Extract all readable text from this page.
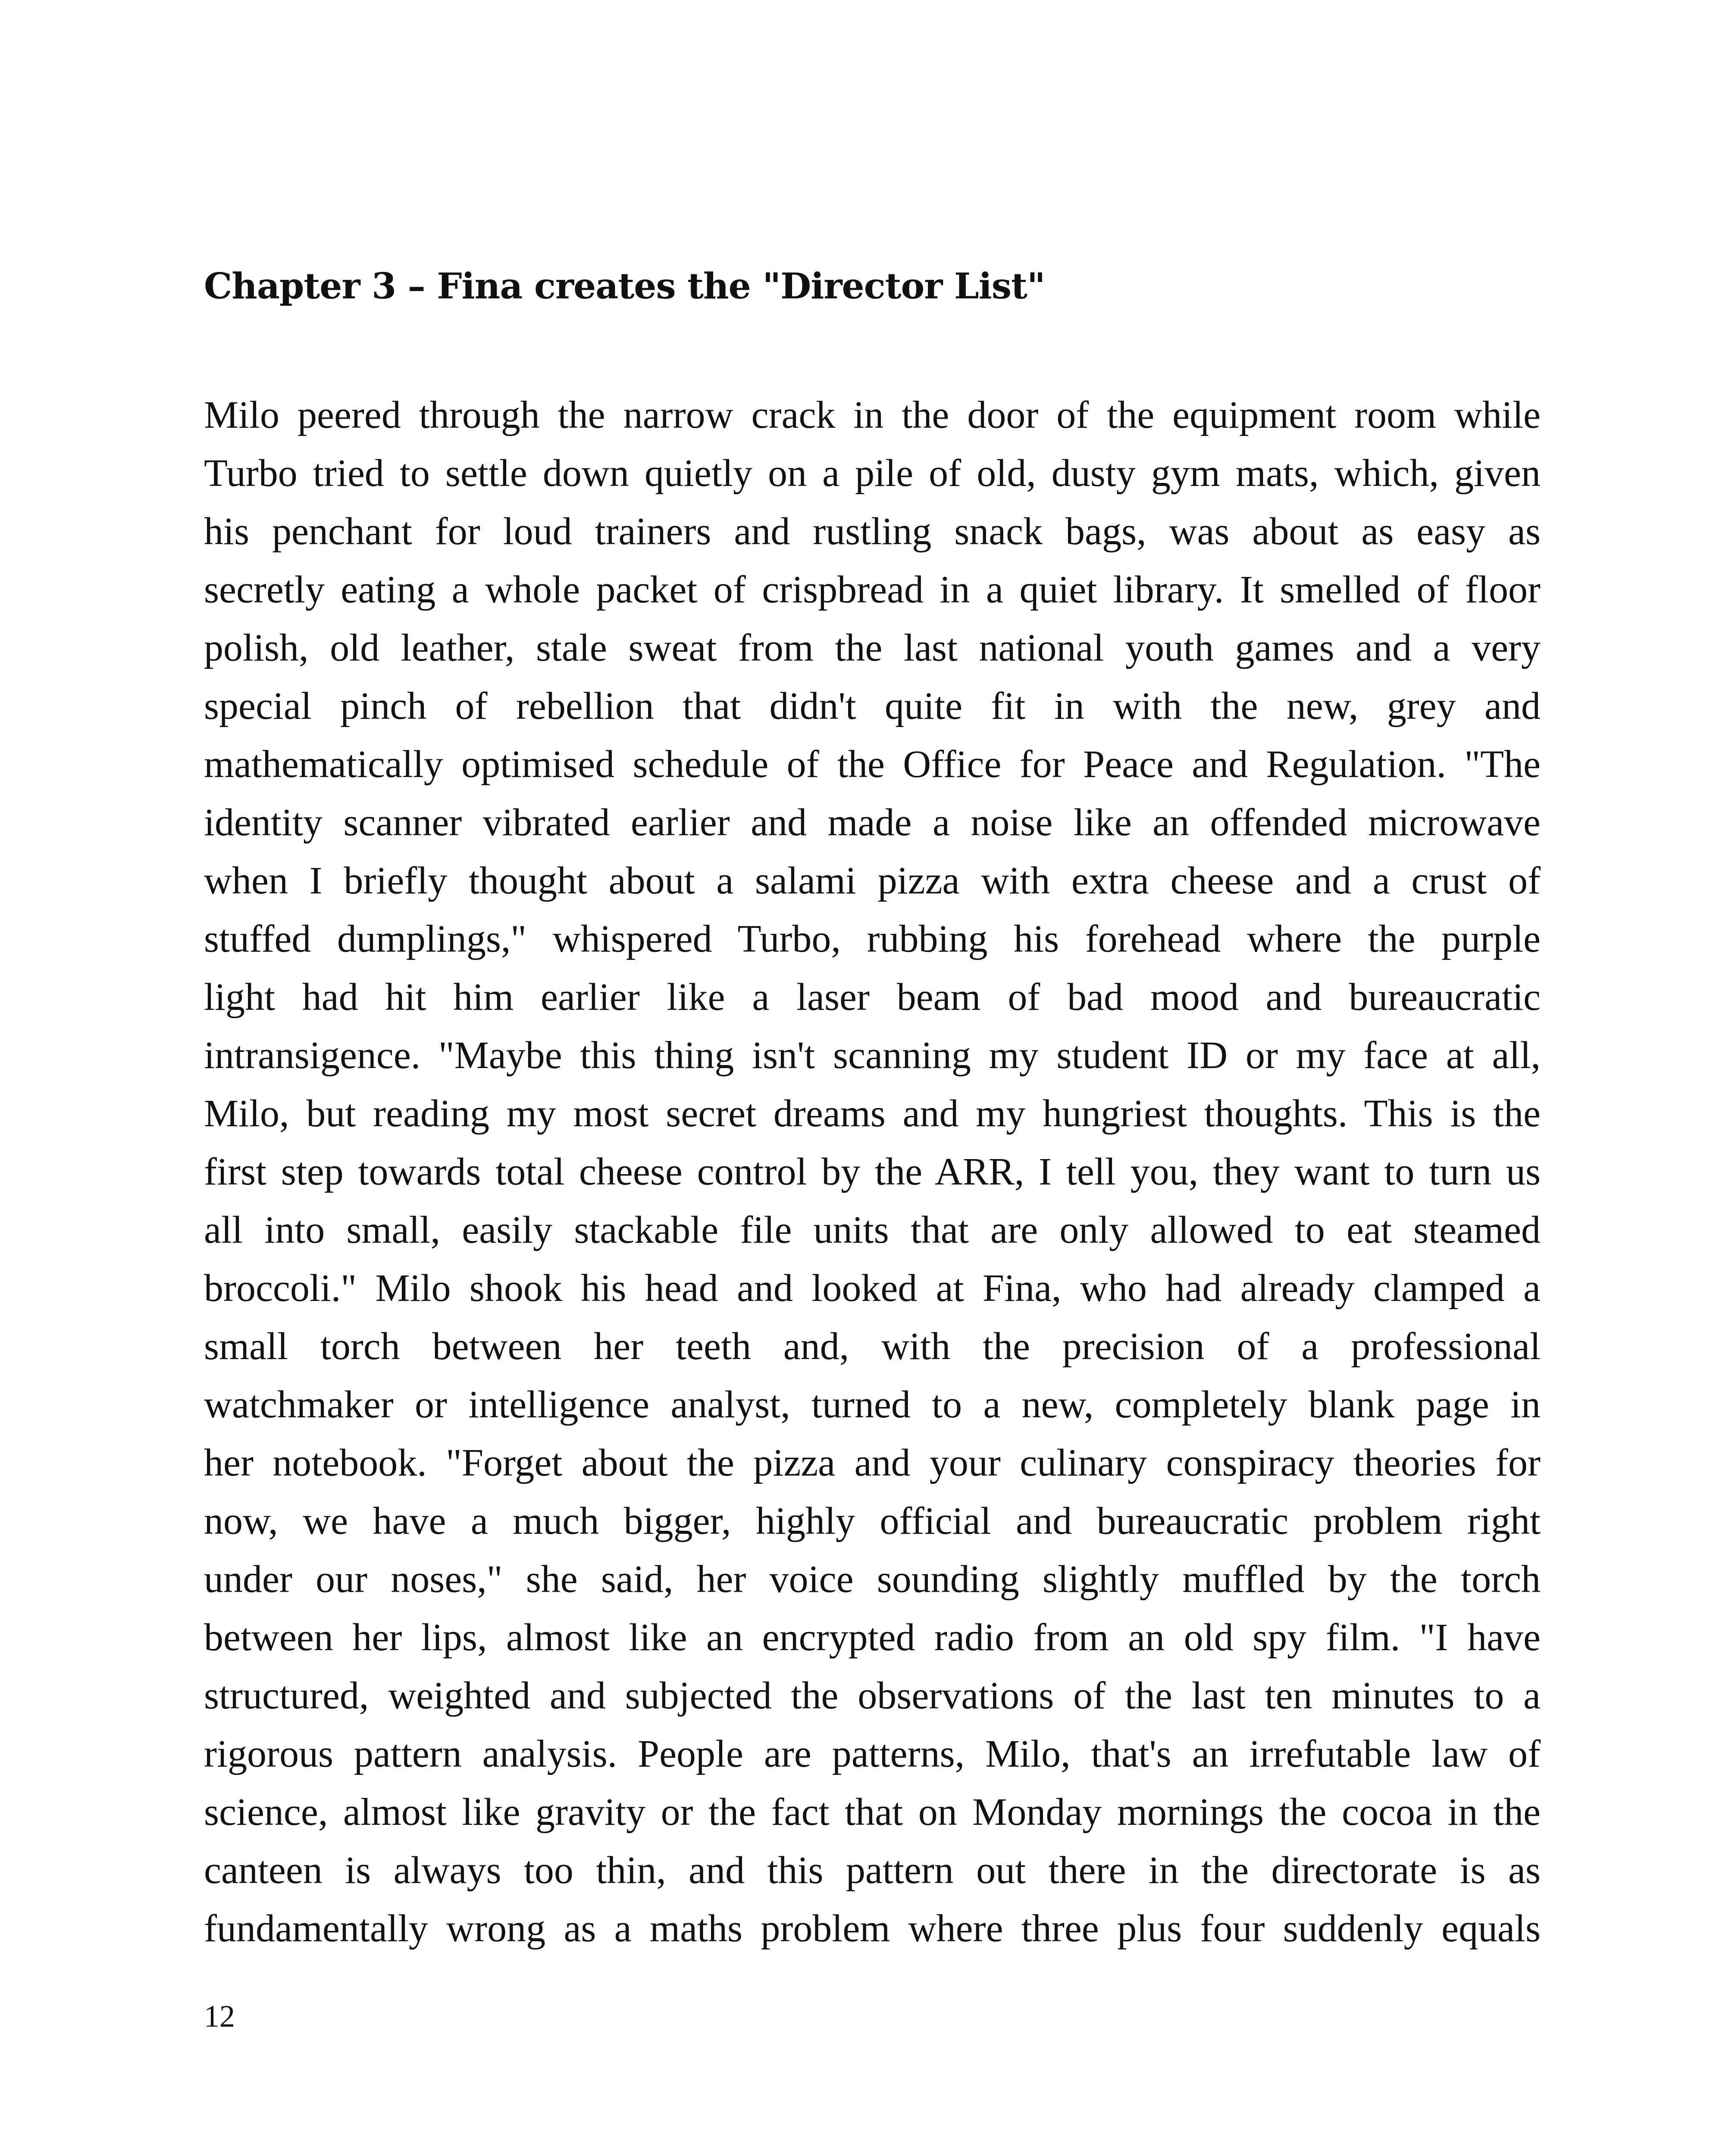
Chapter 3 – Fina creates the "Director List"
Milo peered through the narrow crack in the door of the equipment room while
Turbo tried to settle down quietly on a pile of old, dusty gym mats, which, given
his penchant for loud trainers and rustling snack bags, was about as easy as
secretly eating a whole packet of crispbread in a quiet library. It smelled of floor
polish, old leather, stale sweat from the last national youth games and a very
special pinch of rebellion that didn't quite fit in with the new, grey and
mathematically optimised schedule of the Office for Peace and Regulation. "The
identity scanner vibrated earlier and made a noise like an offended microwave
when I briefly thought about a salami pizza with extra cheese and a crust of
stuffed dumplings," whispered Turbo, rubbing his forehead where the purple
light had hit him earlier like a laser beam of bad mood and bureaucratic
intransigence. "Maybe this thing isn't scanning my student ID or my face at all,
Milo, but reading my most secret dreams and my hungriest thoughts. This is the
first step towards total cheese control by the ARR, I tell you, they want to turn us
all into small, easily stackable file units that are only allowed to eat steamed
broccoli." Milo shook his head and looked at Fina, who had already clamped a
small torch between her teeth and, with the precision of a professional
watchmaker or intelligence analyst, turned to a new, completely blank page in
her notebook. "Forget about the pizza and your culinary conspiracy theories for
now, we have a much bigger, highly official and bureaucratic problem right
under our noses," she said, her voice sounding slightly muffled by the torch
between her lips, almost like an encrypted radio from an old spy film. "I have
structured, weighted and subjected the observations of the last ten minutes to a
rigorous pattern analysis. People are patterns, Milo, that's an irrefutable law of
science, almost like gravity or the fact that on Monday mornings the cocoa in the
canteen is always too thin, and this pattern out there in the directorate is as
fundamentally wrong as a maths problem where three plus four suddenly equals
12
